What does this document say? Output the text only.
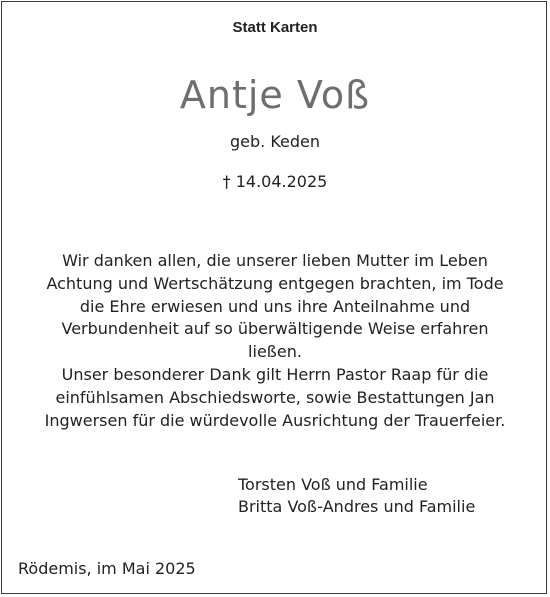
Statt Karten
Antje Voß
geb. Keden
† 14.04.2025
Wir danken allen, die unserer lieben Mutter im Leben
Achtung und Wertschätzung entgegen brachten, im Tode
die Ehre erwiesen und uns ihre Anteilnahme und
Verbundenheit auf so überwältigende Weise erfahren
ließen.
Unser besonderer Dank gilt Herrn Pastor Raap für die
einfühlsamen Abschiedsworte, sowie Bestattungen Jan
Ingwersen für die würdevolle Ausrichtung der Trauerfeier.
Torsten Voß und Familie
Britta Voß-Andres und Familie
Rödemis, im Mai 2025
